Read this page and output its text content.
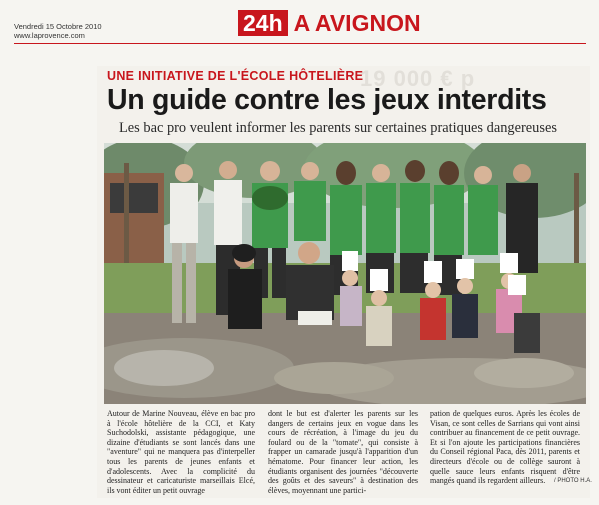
Vendredi 15 Octobre 2010
www.laprovence.com	24h A AVIGNON
19 000 € p
UNE INITIATIVE DE L'ÉCOLE HÔTELIÈRE
Un guide contre les jeux interdits
Les bac pro veulent informer les parents sur certaines pratiques dangereuses
Autour de Marine Nouveau, élève en bac pro à l'école hôtelière de la CCI, et Katy Suchodolski, assistante pédagogique, une dizaine d'étudiants se sont lancés dans une "aventure" qui ne manquera pas d'interpeller tous les parents de jeunes enfants et d'adolescents. Avec la complicité du dessinateur et caricaturiste marseillais Elcé, ils vont éditer un petit ouvrage
dont le but est d'alerter les parents sur les dangers de certains jeux en vogue dans les cours de récréation, à l'image du jeu du foulard ou de la "tomate", qui consiste à frapper un camarade jusqu'à l'apparition d'un hématome. Pour financer leur action, les étudiants organisent des journées "découverte des goûts et des saveurs" à destination des élèves, moyennant une partici-
pation de quelques euros. Après les écoles de Visan, ce sont celles de Sarrians qui vont ainsi contribuer au financement de ce petit ouvrage. Et si l'on ajoute les participations financières du Conseil régional Paca, dès 2011, parents et directeurs d'école ou de collège sauront à quelle sauce leurs enfants risquent d'être mangés quand ils regardent ailleurs.	/ PHOTO H.A.
